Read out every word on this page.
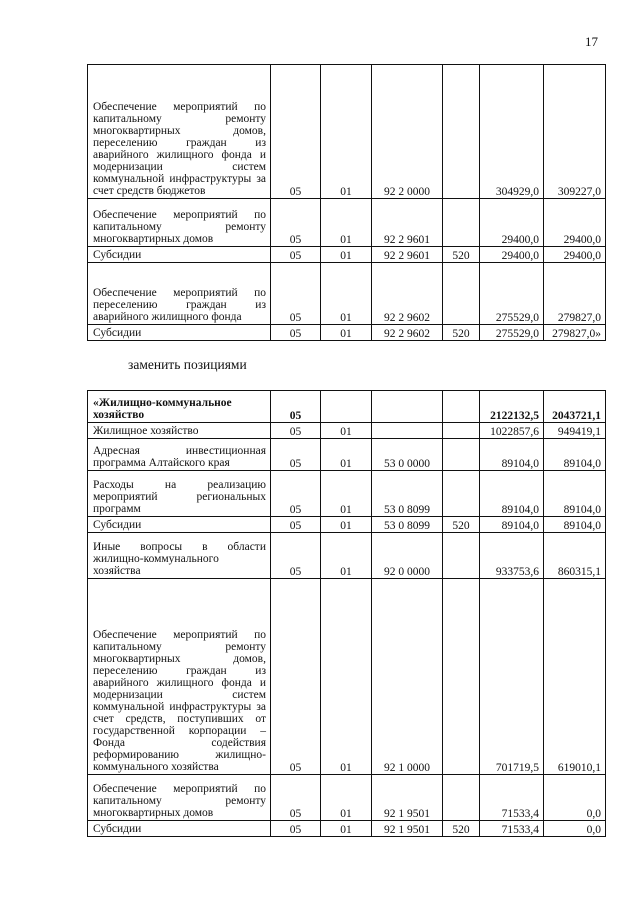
17
Обеспечение мероприятий по капитальному ремонту многоквартирных домов, переселению граждан из аварийного жилищного фонда и модернизации систем коммунальной инфраструктуры за счет средств бюджетов	05	01	92 2 0000		304929,0	309227,0
Обеспечение мероприятий по капитальному ремонту многоквартирных домов	05	01	92 2 9601		29400,0	29400,0
Субсидии	05	01	92 2 9601	520	29400,0	29400,0
Обеспечение мероприятий по переселению граждан из аварийного жилищного фонда	05	01	92 2 9602		275529,0	279827,0
Субсидии	05	01	92 2 9602	520	275529,0	279827,0»
заменить позициями
«Жилищно-коммунальное хозяйство	05				2122132,5	2043721,1
Жилищное хозяйство	05	01			1022857,6	949419,1
Адресная инвестиционная программа Алтайского края	05	01	53 0 0000		89104,0	89104,0
Расходы на реализацию мероприятий региональных программ	05	01	53 0 8099		89104,0	89104,0
Субсидии	05	01	53 0 8099	520	89104,0	89104,0
Иные вопросы в области жилищно-коммунального хозяйства	05	01	92 0 0000		933753,6	860315,1
Обеспечение мероприятий по капитальному ремонту многоквартирных домов, переселению граждан из аварийного жилищного фонда и модернизации систем коммунальной инфраструктуры за счет средств, поступивших от государственной корпорации – Фонда содействия реформированию жилищно-коммунального хозяйства	05	01	92 1 0000		701719,5	619010,1
Обеспечение мероприятий по капитальному ремонту многоквартирных домов	05	01	92 1 9501		71533,4	0,0
Субсидии	05	01	92 1 9501	520	71533,4	0,0
